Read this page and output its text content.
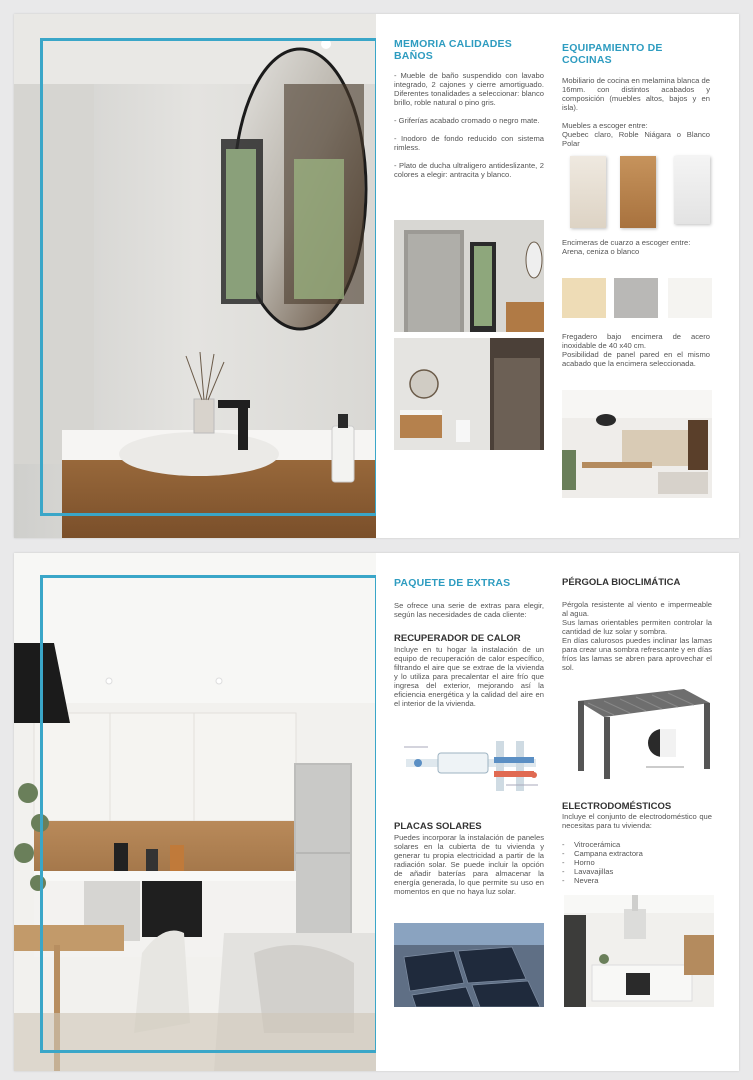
MEMORIA CALIDADES

BAÑOS

- Mueble de baño suspendido con lavabo integrado, 2 cajones y cierre amortiguado. Diferentes tonalidades a seleccionar: blanco brillo, roble natural o pino gris.

- Griferías acabado cromado o negro mate.

- Inodoro de fondo reducido con sistema rimless.

- Plato de ducha ultraligero antideslizante, 2 colores a elegir: antracita y blanco.

EQUIPAMIENTO DE

COCINAS

Mobiliario de cocina en melamina blanca de 16mm. con distintos acabados y composición (muebles altos, bajos y en isla).

Muebles a escoger entre:

Quebec claro, Roble Niágara o Blanco Polar

Encimeras de cuarzo a escoger entre:

Arena, ceniza o blanco

Fregadero bajo encimera de acero inoxidable de 40 x40 cm.

Posibilidad de panel pared en el mismo acabado que la encimera seleccionada.

PAQUETE DE EXTRAS

Se ofrece una serie de extras para elegir, según las necesidades de cada cliente:

RECUPERADOR DE CALOR

Incluye en tu hogar la instalación de un equipo de recuperación de calor específico, filtrando el aire que se extrae de la vivienda y lo utiliza para precalentar el aire frío que ingresa del exterior, mejorando así la eficiencia energética y la calidad del aire en el interior de la vivienda.

PLACAS SOLARES

Puedes incorporar la instalación de paneles solares en la cubierta de tu vivienda y generar tu propia electricidad a partir de la radiación solar. Se puede incluir la opción de añadir baterías para almacenar la energía generada, lo que permite su uso en momentos en que no haya luz solar.

PÉRGOLA BIOCLIMÁTICA

Pérgola resistente al viento e impermeable al agua.

Sus lamas orientables permiten controlar la cantidad de luz solar y sombra.

En días calurosos puedes inclinar las lamas para crear una sombra refrescante y en días fríos las lamas se abren para aprovechar el sol.

ELECTRODOMÉSTICOS

Incluye el conjunto de electrodoméstico que necesitas para tu vivienda:

- Vitrocerámica
- Campana extractora
- Horno
- Lavavajillas
- Nevera
